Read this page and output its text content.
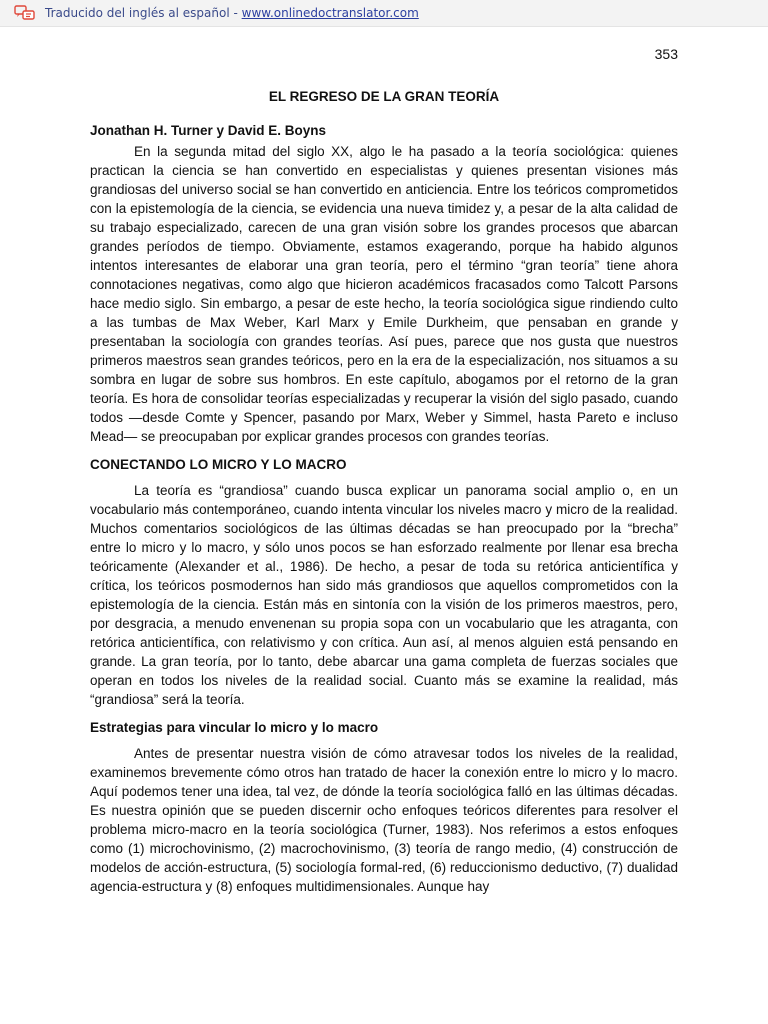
Traducido del inglés al español - www.onlinedoctranslator.com

353

EL REGRESO DE LA GRAN TEORÍA

Jonathan H. Turner y David E. Boyns

En la segunda mitad del siglo XX, algo le ha pasado a la teoría sociológica: quienes practican la ciencia se han convertido en especialistas y quienes presentan visiones más grandiosas del universo social se han convertido en anticiencia. Entre los teóricos comprometidos con la epistemología de la ciencia, se evidencia una nueva timidez y, a pesar de la alta calidad de su trabajo especializado, carecen de una gran visión sobre los grandes procesos que abarcan grandes períodos de tiempo. Obviamente, estamos exagerando, porque ha habido algunos intentos interesantes de elaborar una gran teoría, pero el término “gran teoría” tiene ahora connotaciones negativas, como algo que hicieron académicos fracasados como Talcott Parsons hace medio siglo. Sin embargo, a pesar de este hecho, la teoría sociológica sigue rindiendo culto a las tumbas de Max Weber, Karl Marx y Emile Durkheim, que pensaban en grande y presentaban la sociología con grandes teorías. Así pues, parece que nos gusta que nuestros primeros maestros sean grandes teóricos, pero en la era de la especialización, nos situamos a su sombra en lugar de sobre sus hombros. En este capítulo, abogamos por el retorno de la gran teoría. Es hora de consolidar teorías especializadas y recuperar la visión del siglo pasado, cuando todos —desde Comte y Spencer, pasando por Marx, Weber y Simmel, hasta Pareto e incluso Mead— se preocupaban por explicar grandes procesos con grandes teorías.

CONECTANDO LO MICRO Y LO MACRO

La teoría es “grandiosa” cuando busca explicar un panorama social amplio o, en un vocabulario más contemporáneo, cuando intenta vincular los niveles macro y micro de la realidad. Muchos comentarios sociológicos de las últimas décadas se han preocupado por la “brecha” entre lo micro y lo macro, y sólo unos pocos se han esforzado realmente por llenar esa brecha teóricamente (Alexander et al., 1986). De hecho, a pesar de toda su retórica anticientífica y crítica, los teóricos posmodernos han sido más grandiosos que aquellos comprometidos con la epistemología de la ciencia. Están más en sintonía con la visión de los primeros maestros, pero, por desgracia, a menudo envenenan su propia sopa con un vocabulario que les atraganta, con retórica anticientífica, con relativismo y con crítica. Aun así, al menos alguien está pensando en grande. La gran teoría, por lo tanto, debe abarcar una gama completa de fuerzas sociales que operan en todos los niveles de la realidad social. Cuanto más se examine la realidad, más “grandiosa” será la teoría.

Estrategias para vincular lo micro y lo macro

Antes de presentar nuestra visión de cómo atravesar todos los niveles de la realidad, examinemos brevemente cómo otros han tratado de hacer la conexión entre lo micro y lo macro. Aquí podemos tener una idea, tal vez, de dónde la teoría sociológica falló en las últimas décadas. Es nuestra opinión que se pueden discernir ocho enfoques teóricos diferentes para resolver el problema micro-macro en la teoría sociológica (Turner, 1983). Nos referimos a estos enfoques como (1) microchovinismo, (2) macrochovinismo, (3) teoría de rango medio, (4) construcción de modelos de acción-estructura, (5) sociología formal-red, (6) reduccionismo deductivo, (7) dualidad agencia-estructura y (8) enfoques multidimensionales. Aunque hay
